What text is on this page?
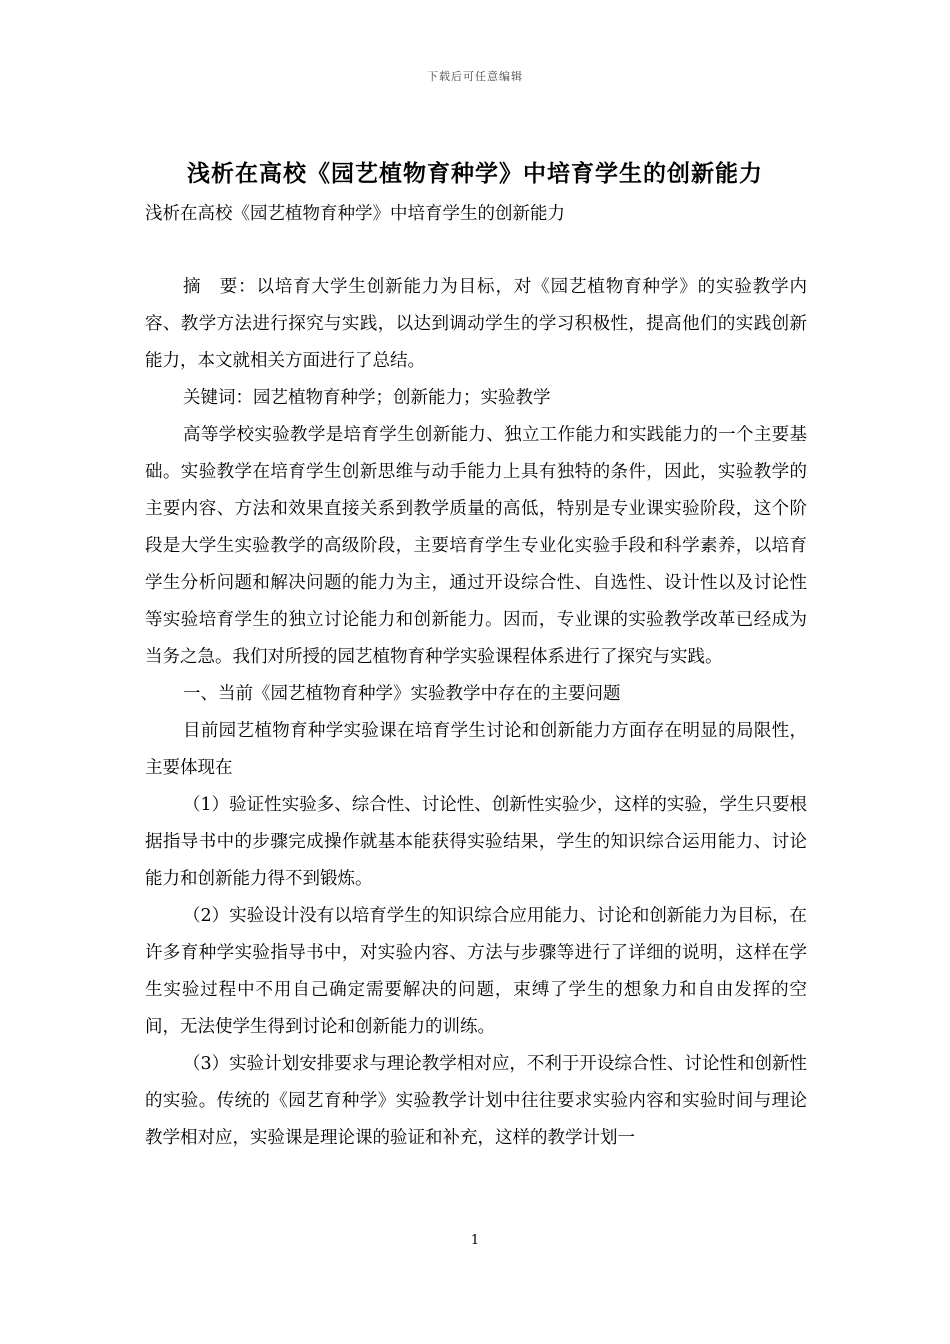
下载后可任意编辑
浅析在高校《园艺植物育种学》中培育学生的创新能力

浅析在高校《园艺植物育种学》中培育学生的创新能力

摘　要：以培育大学生创新能力为目标，对《园艺植物育种学》的实验教学内容、教学方法进行探究与实践，以达到调动学生的学习积极性，提高他们的实践创新能力，本文就相关方面进行了总结。

关键词：园艺植物育种学；创新能力；实验教学

高等学校实验教学是培育学生创新能力、独立工作能力和实践能力的一个主要基础。实验教学在培育学生创新思维与动手能力上具有独特的条件，因此，实验教学的主要内容、方法和效果直接关系到教学质量的高低，特别是专业课实验阶段，这个阶段是大学生实验教学的高级阶段，主要培育学生专业化实验手段和科学素养，以培育学生分析问题和解决问题的能力为主，通过开设综合性、自选性、设计性以及讨论性等实验培育学生的独立讨论能力和创新能力。因而，专业课的实验教学改革已经成为当务之急。我们对所授的园艺植物育种学实验课程体系进行了探究与实践。

一、当前《园艺植物育种学》实验教学中存在的主要问题

目前园艺植物育种学实验课在培育学生讨论和创新能力方面存在明显的局限性，主要体现在

（1）验证性实验多、综合性、讨论性、创新性实验少，这样的实验，学生只要根据指导书中的步骤完成操作就基本能获得实验结果，学生的知识综合运用能力、讨论能力和创新能力得不到锻炼。

（2）实验设计没有以培育学生的知识综合应用能力、讨论和创新能力为目标，在许多育种学实验指导书中，对实验内容、方法与步骤等进行了详细的说明，这样在学生实验过程中不用自己确定需要解决的问题，束缚了学生的想象力和自由发挥的空间，无法使学生得到讨论和创新能力的训练。

（3）实验计划安排要求与理论教学相对应，不利于开设综合性、讨论性和创新性的实验。传统的《园艺育种学》实验教学计划中往往要求实验内容和实验时间与理论教学相对应，实验课是理论课的验证和补充，这样的教学计划一

1
